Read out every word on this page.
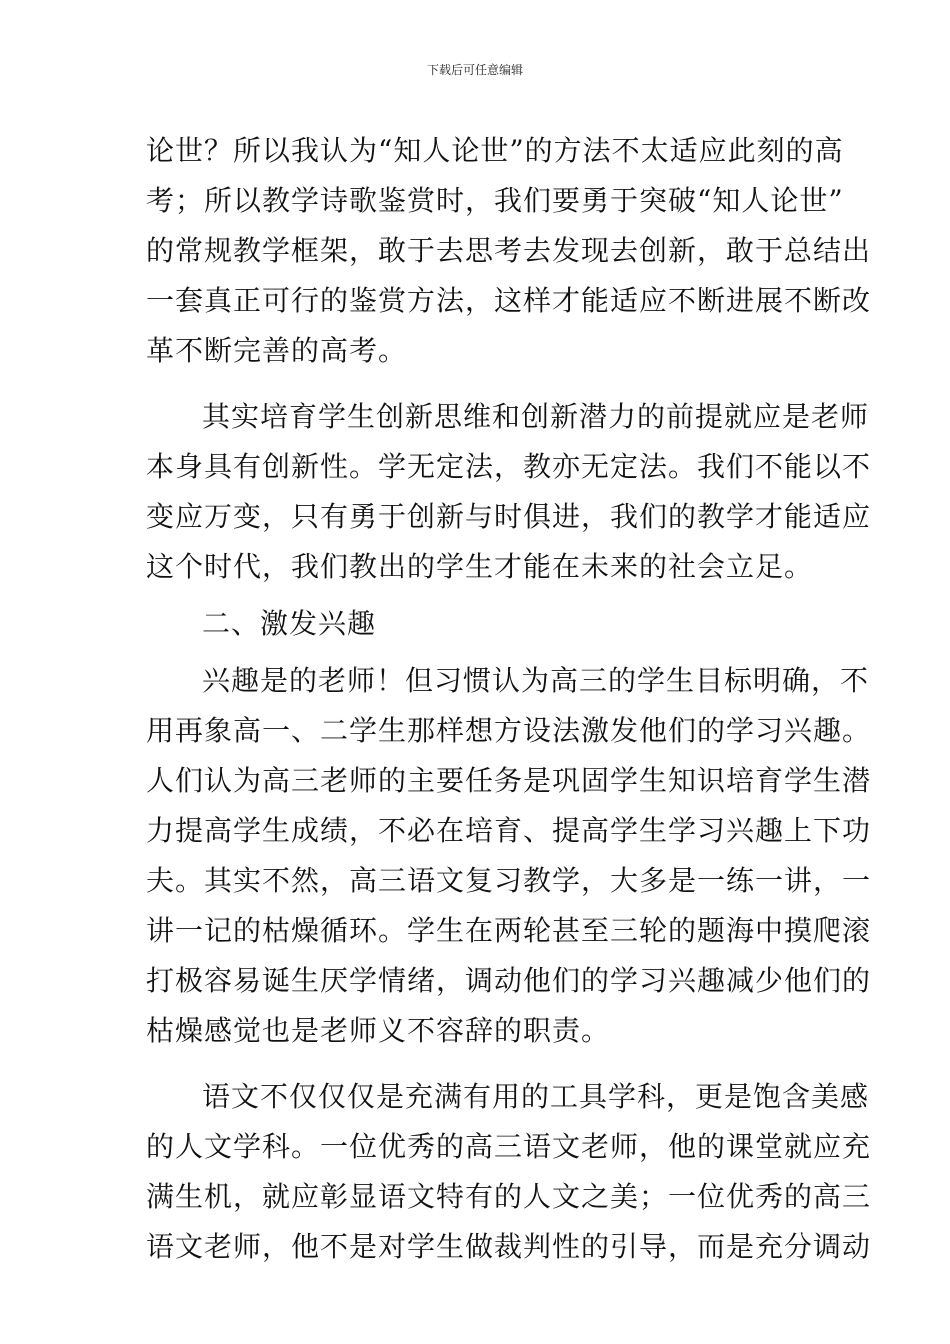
下载后可任意编辑
论世？所以我认为“知人论世”的方法不太适应此刻的高
考；所以教学诗歌鉴赏时，我们要勇于突破“知人论世”
的常规教学框架，敢于去思考去发现去创新，敢于总结出
一套真正可行的鉴赏方法，这样才能适应不断进展不断改
革不断完善的高考。
其实培育学生创新思维和创新潜力的前提就应是老师
本身具有创新性。学无定法，教亦无定法。我们不能以不
变应万变，只有勇于创新与时俱进，我们的教学才能适应
这个时代，我们教出的学生才能在未来的社会立足。
二、激发兴趣
兴趣是的老师！但习惯认为高三的学生目标明确，不
用再象高一、二学生那样想方设法激发他们的学习兴趣。
人们认为高三老师的主要任务是巩固学生知识培育学生潜
力提高学生成绩，不必在培育、提高学生学习兴趣上下功
夫。其实不然，高三语文复习教学，大多是一练一讲，一
讲一记的枯燥循环。学生在两轮甚至三轮的题海中摸爬滚
打极容易诞生厌学情绪，调动他们的学习兴趣减少他们的
枯燥感觉也是老师义不容辞的职责。
语文不仅仅仅是充满有用的工具学科，更是饱含美感
的人文学科。一位优秀的高三语文老师，他的课堂就应充
满生机，就应彰显语文特有的人文之美；一位优秀的高三
语文老师，他不是对学生做裁判性的引导，而是充分调动
